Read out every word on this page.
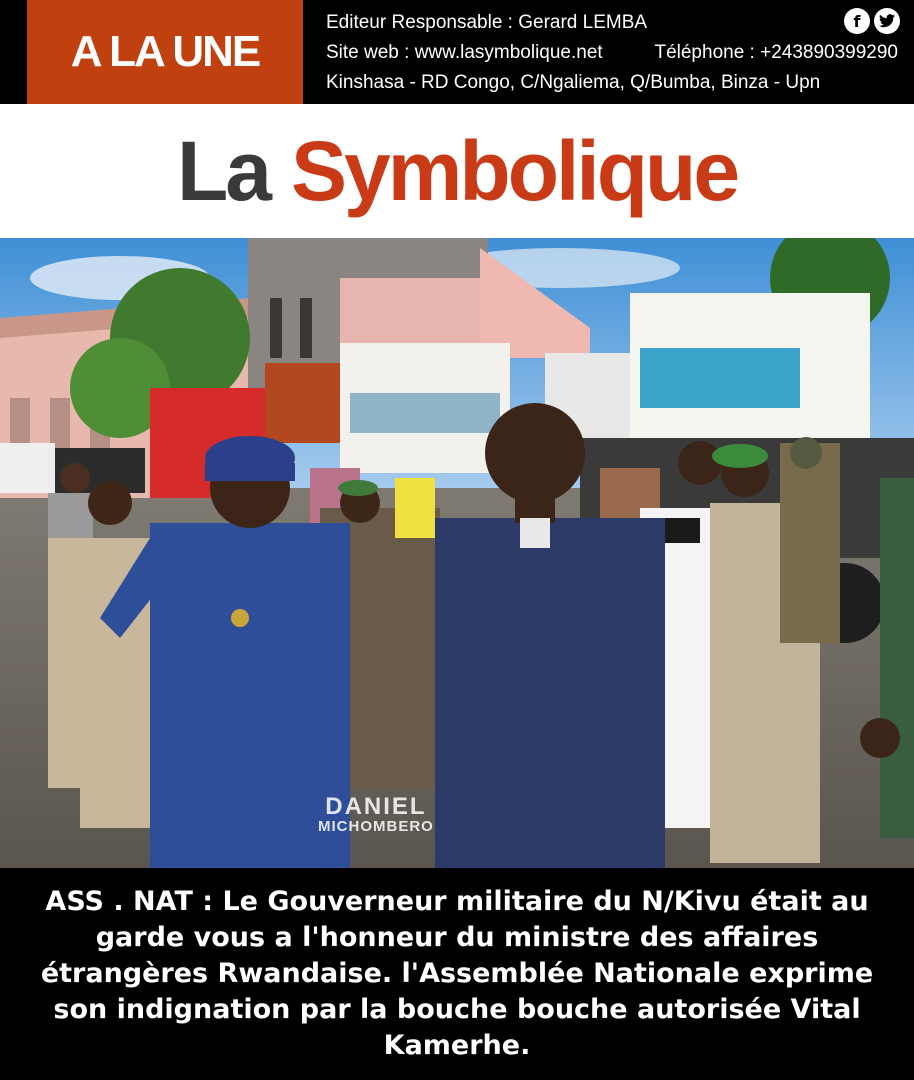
A LA UNE
Editeur Responsable : Gerard LEMBA
Site web : www.lasymbolique.net	Téléphone : +243890399290
Kinshasa - RD Congo, C/Ngaliema, Q/Bumba, Binza - Upn
f
La Symbolique
DANIEL
MICHOMBERO

ASS . NAT : Le Gouverneur militaire du N/Kivu était au garde vous a l'honneur du ministre des affaires étrangères Rwandaise. l'Assemblée Nationale exprime son indignation par la bouche bouche autorisée Vital Kamerhe.
